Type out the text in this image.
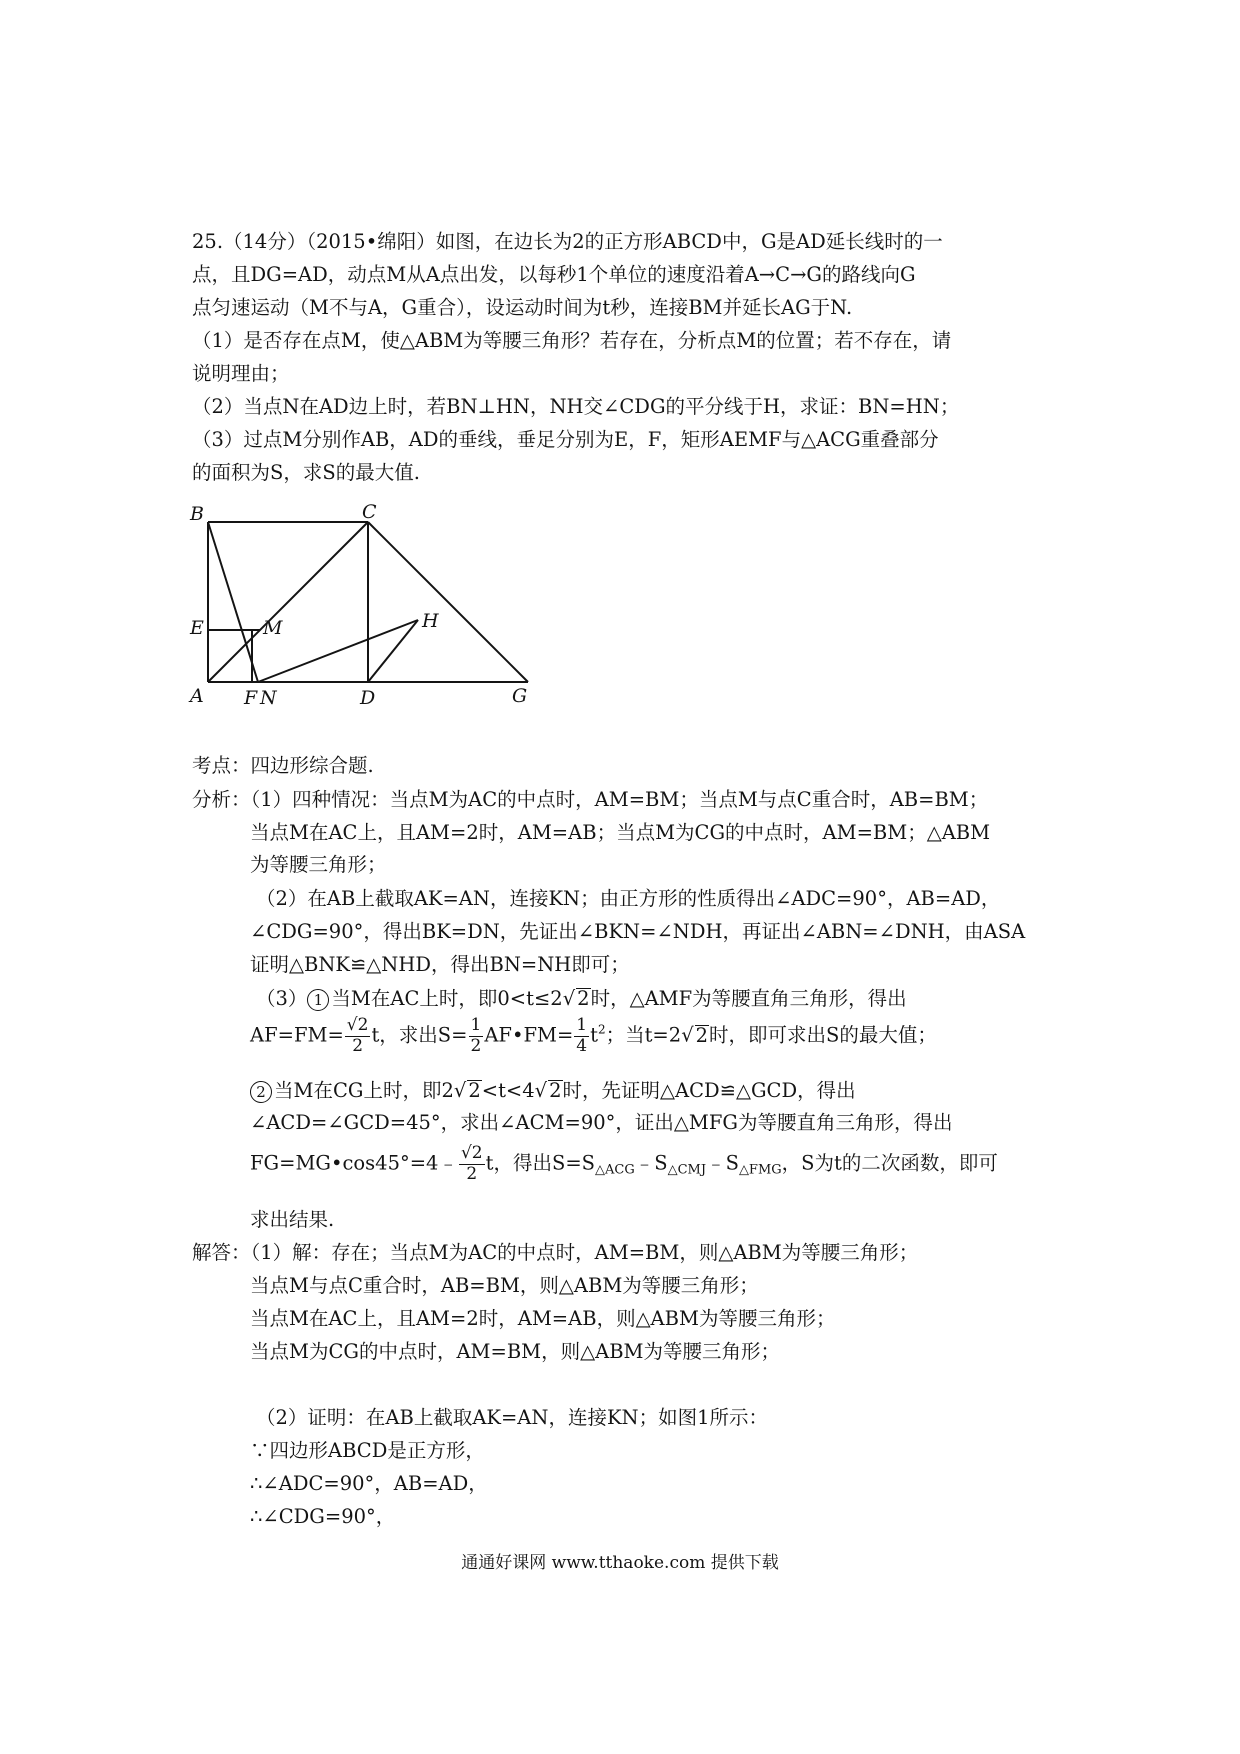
25.（14分）（2015•绵阳）如图，在边长为2的正方形ABCD中，G是AD延长线时的一
点，且DG=AD，动点M从A点出发，以每秒1个单位的速度沿着A→C→G的路线向G
点匀速运动（M不与A，G重合），设运动时间为t秒，连接BM并延长AG于N.
（1）是否存在点M，使△ABM为等腰三角形？若存在，分析点M的位置；若不存在，请
说明理由；
（2）当点N在AD边上时，若BN⊥HN，NH交∠CDG的平分线于H，求证：BN=HN；
（3）过点M分别作AB，AD的垂线，垂足分别为E，F，矩形AEMF与△ACG重叠部分
的面积为S，求S的最大值.
B	C
E	M	H
A F N	D	G
考点：四边形综合题.
分析：（1）四种情况：当点M为AC的中点时，AM=BM；当点M与点C重合时，AB=BM；
当点M在AC上，且AM=2时，AM=AB；当点M为CG的中点时，AM=BM；△ABM
为等腰三角形；
（2）在AB上截取AK=AN，连接KN；由正方形的性质得出∠ADC=90°，AB=AD，
∠CDG=90°，得出BK=DN，先证出∠BKN=∠NDH，再证出∠ABN=∠DNH，由ASA
证明△BNK≌△NHD，得出BN=NH即可；
（3） 1 当M在AC上时，即0<t≤2√ 2时，△AMF为等腰直角三角形，得出
$AF=FM= \frac{√2}{2}$ t，求出$S= \frac{1}{2}$ AF•FM= $\frac{1}{4} t^2$；当t=2√ 2时，即可求出S的最大值；
2 当M在CG上时，即2√ 2<t<4√ 2时，先证明△ACD≌△GCD，得出
∠ACD=∠GCD=45°，求出∠ACM=90°，证出△MFG为等腰直角三角形，得出
FG=MG•cos45°=4﹣ $\frac{√2}{2}$ t，得出$S=S_{\triangle ACG}﹣S_{\triangle CMJ}﹣S_{\triangle FMG}$，S为t的二次函数，即可
求出结果.
解答：（1）解：存在；当点M为AC的中点时，AM=BM，则△ABM为等腰三角形；
当点M与点C重合时，AB=BM，则△ABM为等腰三角形；
当点M在AC上，且AM=2时，AM=AB，则△ABM为等腰三角形；
当点M为CG的中点时，AM=BM，则△ABM为等腰三角形；
（2）证明：在AB上截取AK=AN，连接KN；如图1所示：
∵四边形ABCD是正方形，
∴∠ADC=90°，AB=AD，
∴∠CDG=90°，
通通好课网 www.tthaoke.com 提供下载
